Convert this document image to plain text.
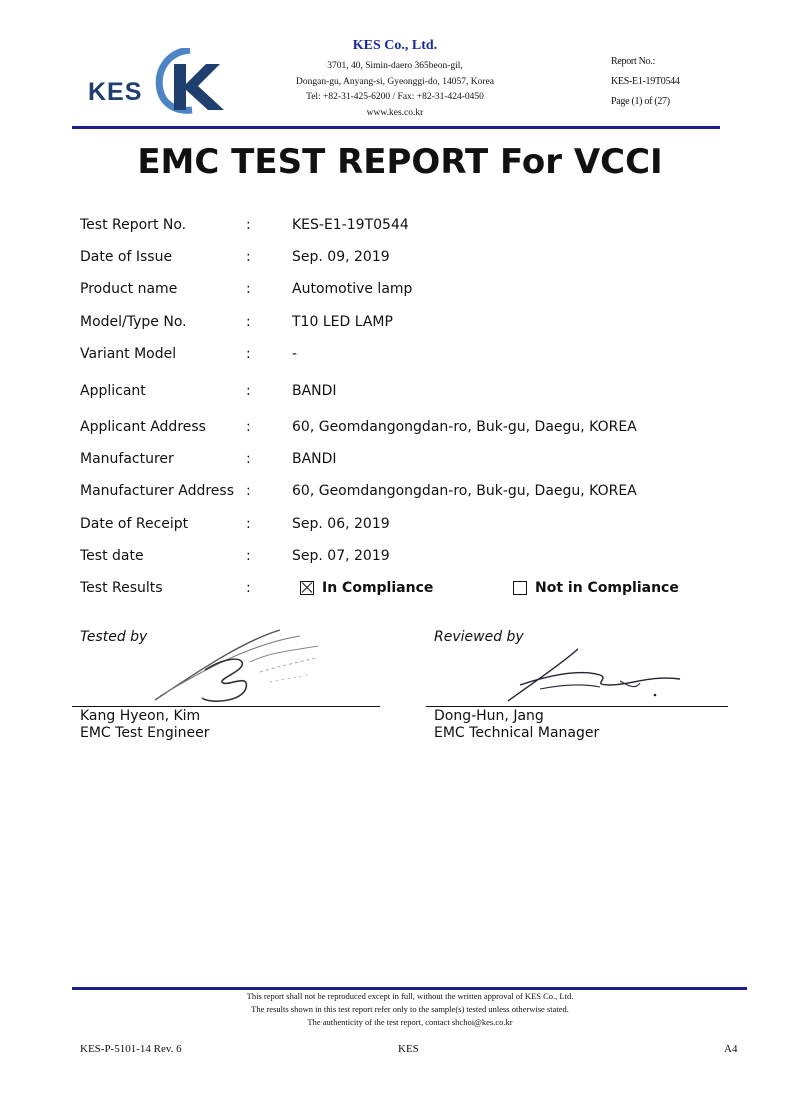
KES
KES Co., Ltd.
3701, 40, Simin-daero 365beon-gil,
Dongan-gu, Anyang-si, Gyeonggi-do, 14057, Korea
Tel: +82-31-425-6200 / Fax: +82-31-424-0450
www.kes.co.kr
Report No.:
KES-E1-19T0544
Page (1) of (27)
EMC TEST REPORT For VCCI
Test Report No.	:	KES-E1-19T0544
Date of Issue	:	Sep. 09, 2019
Product name	:	Automotive lamp
Model/Type No.	:	T10 LED LAMP
Variant Model	:	-
Applicant	:	BANDI
Applicant Address	:	60, Geomdangongdan-ro, Buk-gu, Daegu, KOREA
Manufacturer	:	BANDI
Manufacturer Address :	60, Geomdangongdan-ro, Buk-gu, Daegu, KOREA
Date of Receipt	:	Sep. 06, 2019
Test date	:	Sep. 07, 2019
Test Results	:	In Compliance	Not in Compliance
Tested by
Kang Hyeon, Kim
EMC Test Engineer
Reviewed by
Dong-Hun, Jang
EMC Technical Manager
This report shall not be reproduced except in full, without the written approval of KES Co., Ltd.
The results shown in this test report refer only to the sample(s) tested unless otherwise stated.
The authenticity of the test report, contact shchoi@kes.co.kr
KES-P-5101-14 Rev. 6	KES	A4
